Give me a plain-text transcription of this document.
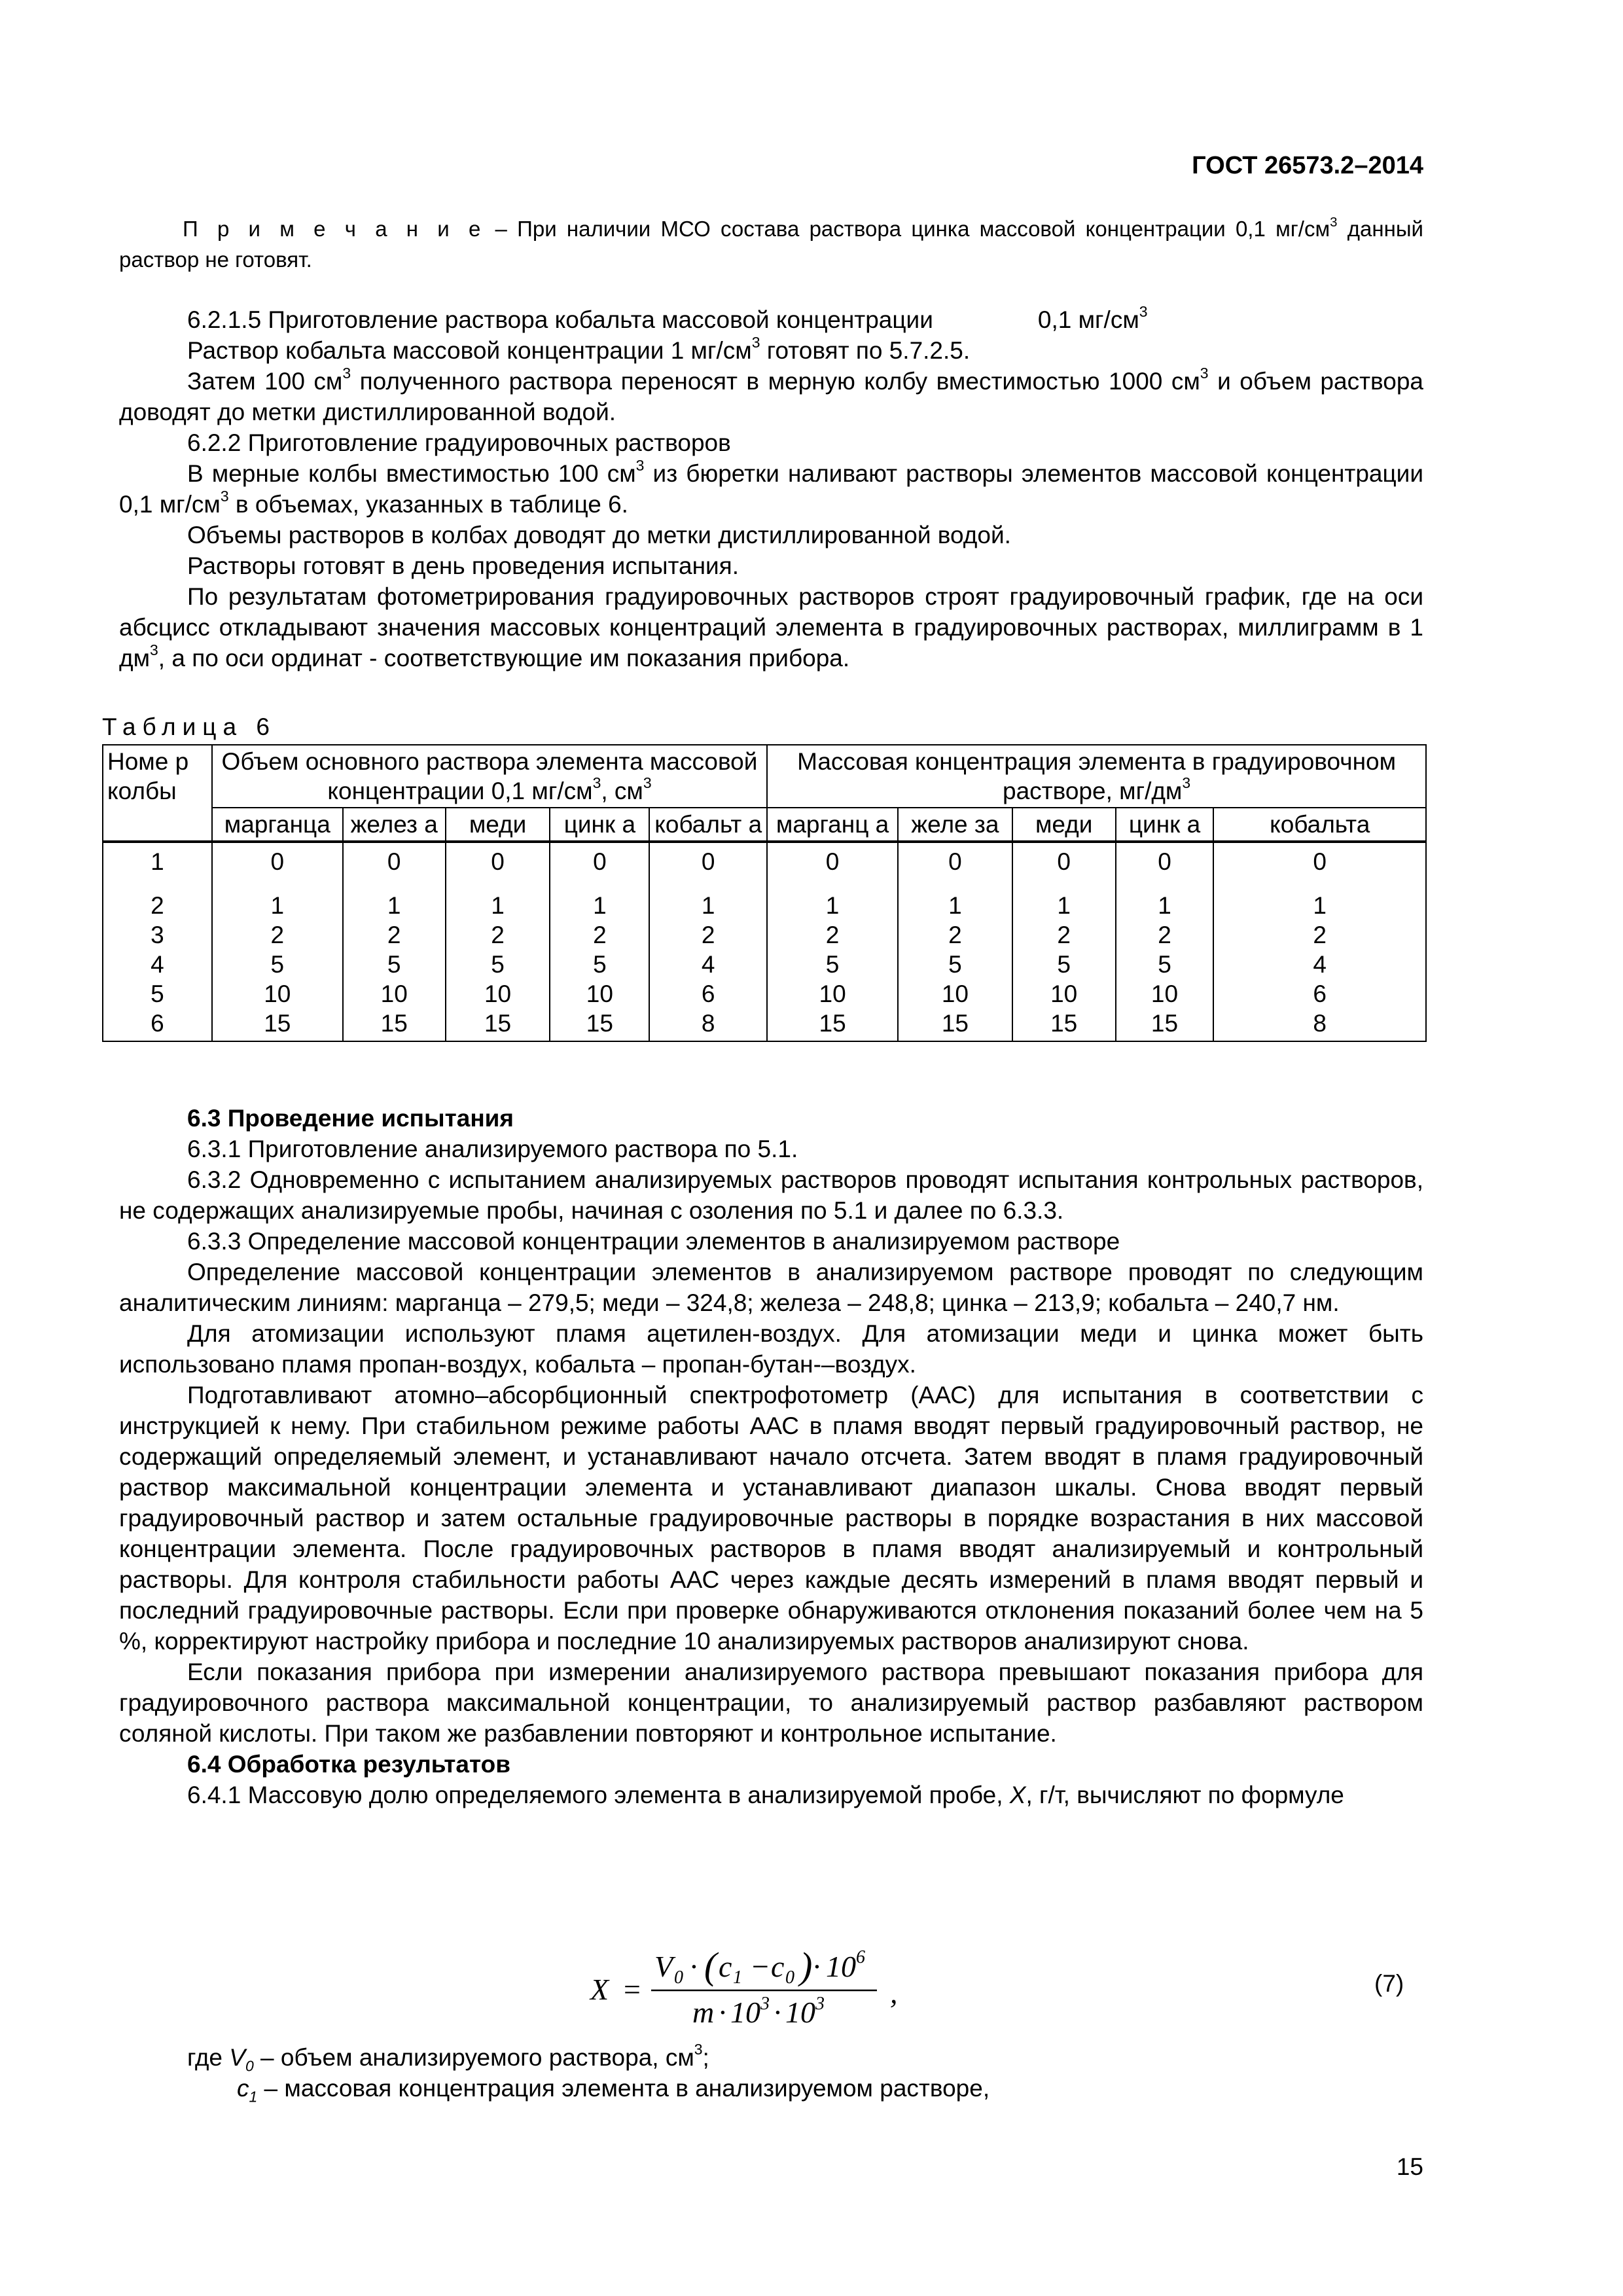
ГОСТ 26573.2–2014
П р и м е ч а н и е – При наличии МСО состава раствора цинка массовой концентрации 0,1 $мг/см^3$ данный раствор не готовят.

6.2.1.5 Приготовление раствора кобальта массовой концентрации	0,1 $мг/см^3$

Раствор кобальта массовой концентрации 1 $мг/см^3$ готовят по 5.7.2.5.

Затем 100 $см^3$ полученного раствора переносят в мерную колбу вместимостью 1000 $см^3$ и объем раствора доводят до метки дистиллированной водой.

6.2.2 Приготовление градуировочных растворов

В мерные колбы вместимостью 100 $см^3$ из бюретки наливают растворы элементов массовой концентрации 0,1 $мг/см^3$ в объемах, указанных в таблице 6.

Объемы растворов в колбах доводят до метки дистиллированной водой.

Растворы готовят в день проведения испытания.

По результатам фотометрирования градуировочных растворов строят градуировочный график, где на оси абсцисс откладывают значения массовых концентраций элемента в градуировочных растворах, миллиграмм в 1 $дм^3$, а по оси ординат - соответствующие им показания прибора.

Таблица 6
Номе р колбы	Объем основного раствора элемента массовой концентрации 0,1 $мг/см^3$, $см^3$					Массовая концентрация элемента в градуировочном растворе, $мг/дм^3$
	марганца	желез а	меди	цинк а	кобальт а	марганц а	желе за	меди	цинк а	кобальта
1	0	0	0	0	0	0	0	0	0	0
2	1	1	1	1	1	1	1	1	1	1
3	2	2	2	2	2	2	2	2	2	2
4	5	5	5	5	4	5	5	5	5	4
5	10	10	10	10	6	10	10	10	10	6
6	15	15	15	15	8	15	15	15	15	8

6.3 Проведение испытания

6.3.1 Приготовление анализируемого раствора по 5.1.

6.3.2 Одновременно с испытанием анализируемых растворов проводят испытания контрольных растворов, не содержащих анализируемые пробы, начиная с озоления по 5.1 и далее по 6.3.3.

6.3.3 Определение массовой концентрации элементов в анализируемом растворе

Определение массовой концентрации элементов в анализируемом растворе проводят по следующим аналитическим линиям: марганца – 279,5; меди – 324,8; железа – 248,8; цинка – 213,9; кобальта – 240,7 нм.

Для атомизации используют пламя ацетилен-воздух. Для атомизации меди и цинка может быть использовано пламя пропан-воздух, кобальта – пропан-бутан-–воздух.

Подготавливают атомно–абсорбционный спектрофотометр (ААС) для испытания в соответствии с инструкцией к нему. При стабильном режиме работы ААС в пламя вводят первый градуировочный раствор, не содержащий определяемый элемент, и устанавливают начало отсчета. Затем вводят в пламя градуировочный раствор максимальной концентрации элемента и устанавливают диапазон шкалы. Снова вводят первый градуировочный раствор и затем остальные градуировочные растворы в порядке возрастания в них массовой концентрации элемента. После градуировочных растворов в пламя вводят анализируемый и контрольный растворы. Для контроля стабильности работы ААС через каждые десять измерений в пламя вводят первый и последний градуировочные растворы. Если при проверке обнаруживаются отклонения показаний более чем на 5 %, корректируют настройку прибора и последние 10 анализируемых растворов анализируют снова.

Если показания прибора при измерении анализируемого раствора превышают показания прибора для градуировочного раствора максимальной концентрации, то анализируемый раствор разбавляют раствором соляной кислоты. При таком же разбавлении повторяют и контрольное испытание.

6.4 Обработка результатов

6.4.1 Массовую долю определяемого элемента в анализируемой пробе, X, г/т, вычисляют по формуле

X =
V 0 · ( c 1 − c 0 ) · 10 6
m · 10 3 · 10 3 ,	(7)
где $V_0$ – объем анализируемого раствора, $см^3$;
$c_1$ – массовая концентрация элемента в анализируемом растворе,
15
